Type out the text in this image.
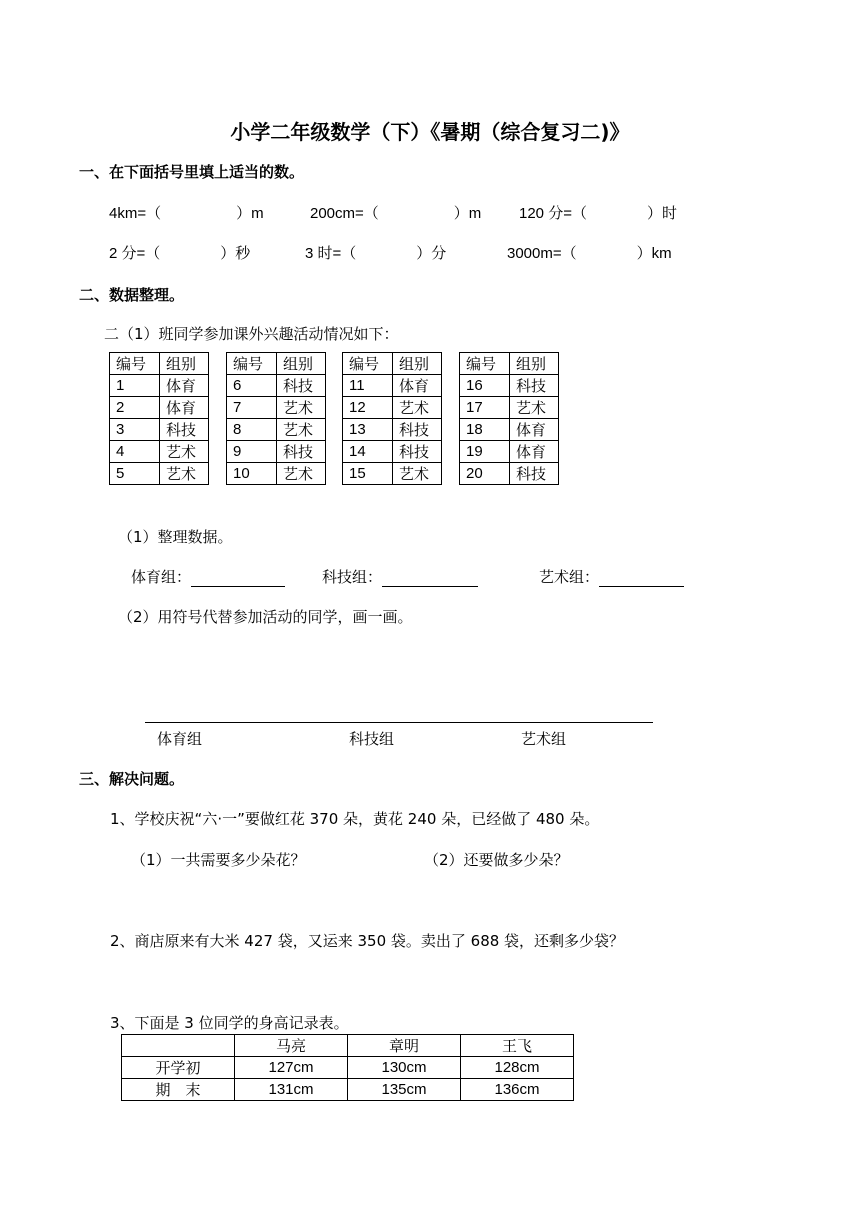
小学二年级数学（下）《暑期（综合复习二)》
一、在下面括号里填上适当的数。
4km=（　　　　　）m	200cm=（　　　　　）m	120 分=（　　　　）时
2 分=（　　　　）秒	3 时=（　　　　）分	3000m=（　　　　）km
二、数据整理。
二（1）班同学参加课外兴趣活动情况如下：
编号	组别
1	体育
2	体育
3	科技
4	艺术
5	艺术
编号	组别
6	科技
7	艺术
8	艺术
9	科技
10	艺术
编号	组别
11	体育
12	艺术
13	科技
14	科技
15	艺术
编号	组别
16	科技
17	艺术
18	体育
19	体育
20	科技
（1）整理数据。
体育组：	科技组：	艺术组：
（2）用符号代替参加活动的同学，画一画。
体育组	科技组	艺术组
三、解决问题。
1、学校庆祝“六·一”要做红花 370 朵，黄花 240 朵，已经做了 480 朵。
（1）一共需要多少朵花？	（2）还要做多少朵？
2、商店原来有大米 427 袋，又运来 350 袋。卖出了 688 袋，还剩多少袋？
3、下面是 3 位同学的身高记录表。
	马亮	章明	王飞
开学初	127cm	130cm	128cm
期　末	131cm	135cm	136cm
